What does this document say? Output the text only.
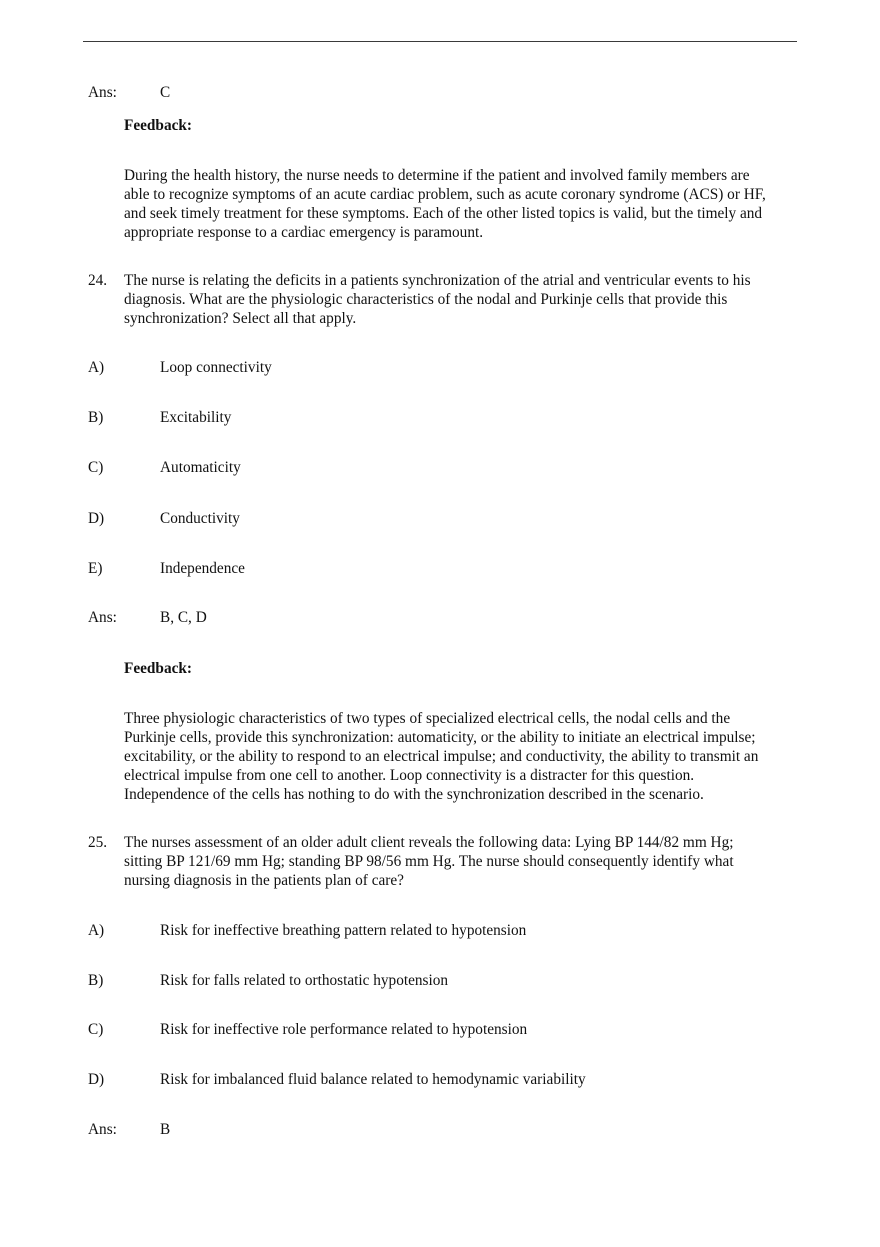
Ans:	C
Feedback:
During the health history, the nurse needs to determine if the patient and involved family members are
able to recognize symptoms of an acute cardiac problem, such as acute coronary syndrome (ACS) or HF,
and seek timely treatment for these symptoms. Each of the other listed topics is valid, but the timely and
appropriate response to a cardiac emergency is paramount.
24. The nurse is relating the deficits in a patients synchronization of the atrial and ventricular events to his
diagnosis. What are the physiologic characteristics of the nodal and Purkinje cells that provide this
synchronization? Select all that apply.
A)	Loop connectivity
B)	Excitability
C)	Automaticity
D)	Conductivity
E)	Independence
Ans:	B, C, D
Feedback:
Three physiologic characteristics of two types of specialized electrical cells, the nodal cells and the
Purkinje cells, provide this synchronization: automaticity, or the ability to initiate an electrical impulse;
excitability, or the ability to respond to an electrical impulse; and conductivity, the ability to transmit an
electrical impulse from one cell to another. Loop connectivity is a distracter for this question.
Independence of the cells has nothing to do with the synchronization described in the scenario.
25. The nurses assessment of an older adult client reveals the following data: Lying BP 144/82 mm Hg;
sitting BP 121/69 mm Hg; standing BP 98/56 mm Hg. The nurse should consequently identify what
nursing diagnosis in the patients plan of care?
A)	Risk for ineffective breathing pattern related to hypotension
B)	Risk for falls related to orthostatic hypotension
C)	Risk for ineffective role performance related to hypotension
D)	Risk for imbalanced fluid balance related to hemodynamic variability
Ans:	B
